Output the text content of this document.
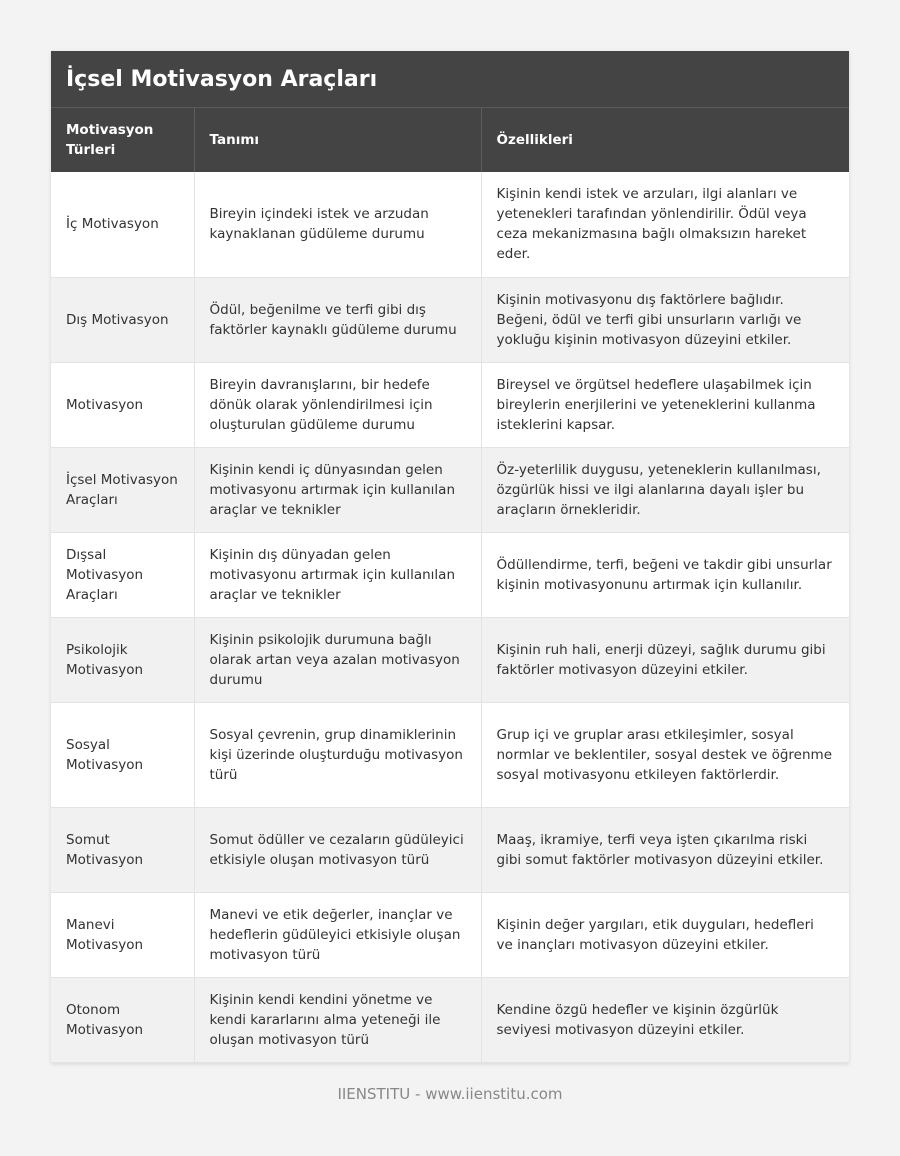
İçsel Motivasyon Araçları
Motivasyon Türleri	Tanımı	Özellikleri
İç Motivasyon	Bireyin içindeki istek ve arzudan kaynaklanan güdüleme durumu	Kişinin kendi istek ve arzuları, ilgi alanları ve yetenekleri tarafından yönlendirilir. Ödül veya ceza mekanizmasına bağlı olmaksızın hareket eder.
Dış Motivasyon	Ödül, beğenilme ve terfi gibi dış faktörler kaynaklı güdüleme durumu	Kişinin motivasyonu dış faktörlere bağlıdır. Beğeni, ödül ve terfi gibi unsurların varlığı ve yokluğu kişinin motivasyon düzeyini etkiler.
Motivasyon	Bireyin davranışlarını, bir hedefe dönük olarak yönlendirilmesi için oluşturulan güdüleme durumu	Bireysel ve örgütsel hedeflere ulaşabilmek için bireylerin enerjilerini ve yeteneklerini kullanma isteklerini kapsar.
İçsel Motivasyon Araçları	Kişinin kendi iç dünyasından gelen motivasyonu artırmak için kullanılan araçlar ve teknikler	Öz-yeterlilik duygusu, yeteneklerin kullanılması, özgürlük hissi ve ilgi alanlarına dayalı işler bu araçların örnekleridir.
Dışsal Motivasyon Araçları	Kişinin dış dünyadan gelen motivasyonu artırmak için kullanılan araçlar ve teknikler	Ödüllendirme, terfi, beğeni ve takdir gibi unsurlar kişinin motivasyonunu artırmak için kullanılır.
Psikolojik Motivasyon	Kişinin psikolojik durumuna bağlı olarak artan veya azalan motivasyon durumu	Kişinin ruh hali, enerji düzeyi, sağlık durumu gibi faktörler motivasyon düzeyini etkiler.
Sosyal Motivasyon	Sosyal çevrenin, grup dinamiklerinin kişi üzerinde oluşturduğu motivasyon türü	Grup içi ve gruplar arası etkileşimler, sosyal normlar ve beklentiler, sosyal destek ve öğrenme sosyal motivasyonu etkileyen faktörlerdir.
Somut Motivasyon	Somut ödüller ve cezaların güdüleyici etkisiyle oluşan motivasyon türü	Maaş, ikramiye, terfi veya işten çıkarılma riski gibi somut faktörler motivasyon düzeyini etkiler.
Manevi Motivasyon	Manevi ve etik değerler, inançlar ve hedeflerin güdüleyici etkisiyle oluşan motivasyon türü	Kişinin değer yargıları, etik duyguları, hedefleri ve inançları motivasyon düzeyini etkiler.
Otonom Motivasyon	Kişinin kendi kendini yönetme ve kendi kararlarını alma yeteneği ile oluşan motivasyon türü	Kendine özgü hedefler ve kişinin özgürlük seviyesi motivasyon düzeyini etkiler.
IIENSTITU - www.iienstitu.com
